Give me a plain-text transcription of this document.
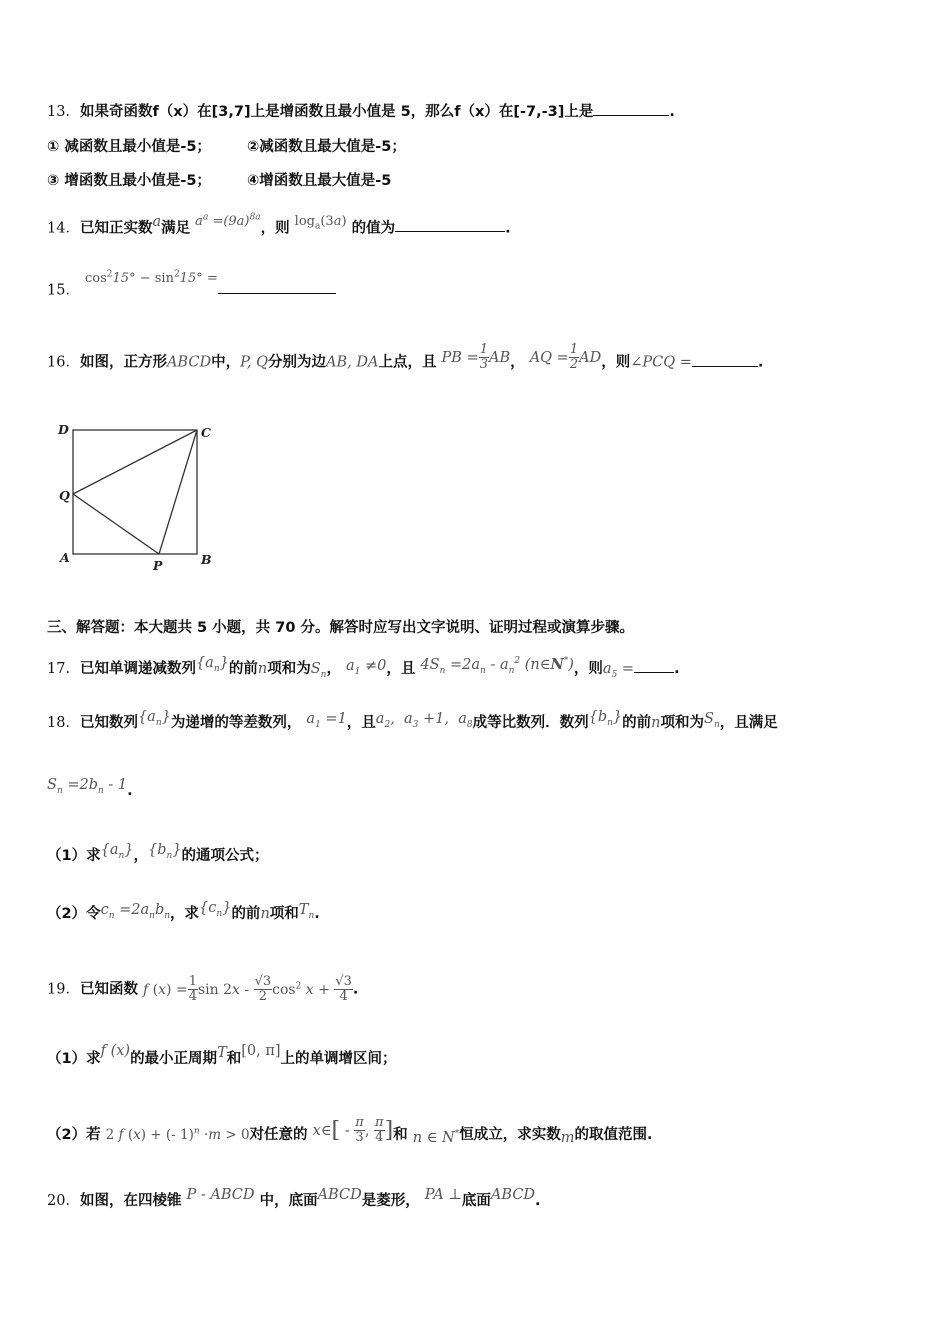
13．如果奇函数f（x）在[3,7]上是增函数且最小值是 5，那么f（x）在[-7,-3]上是	.
① 减函数且最小值是-5； ②减函数且最大值是-5；
③ 增函数且最小值是-5； ④增函数且最大值是-5
14．已知正实数a满足 $a^a =(9a)^{8a}$，则 $\log_a(3a)$ 的值为	.
15． $\cos^215^\circ - \sin^215^\circ$ =
16．如图，正方形ABCD中，P, Q分别为边AB, DA上点，且 PB = $\frac{1}{3}$ AB， AQ = $\frac{1}{2}$ AD，则∠PCQ =	.
D	C
Q
A
P	B
三、解答题：本大题共 5 小题，共 70 分。解答时应写出文字说明、证明过程或演算步骤。
17．已知单调递减数列$\{a_n\}$的前n项和为$S_n$， $a_1 \ne 0$，且 $4S_n =2a_n - a_n^2$ (n∈N*)，则$a_5$ =	.
18．已知数列$\{a_n\}$为递增的等差数列， $a_1 =1$，且$a_2$,  $a_3 +1$,  $a_8$成等比数列．数列$\{b_n\}$的前n项和为$S_n$，且满足
$S_n =2b_n - 1$.
（1）求$\{a_n\}$，$\{b_n\}$的通项公式；
（2）令$c_n =2a_nb_n$，求$\{c_n\}$的前n项和$T_n$.
19．已知函数 f $(x) = \frac{1}{4}$ $\sin 2x - \frac{√3}{2} \cos^2 x + \frac{√3}{4}$ .
（1）求f (x)的最小正周期T和[0, π]上的单调增区间；
（2）若 2 f (x) + (- 1)$^n$ ·m > 0对任意的 x∈[ - $\frac{\pi}{3}$ , $\frac{\pi}{4}$ ]和 n ∈ N*恒成立，求实数m的取值范围.
20．如图，在四棱锥 P - ABCD 中，底面ABCD是菱形， PA ⊥底面ABCD.
